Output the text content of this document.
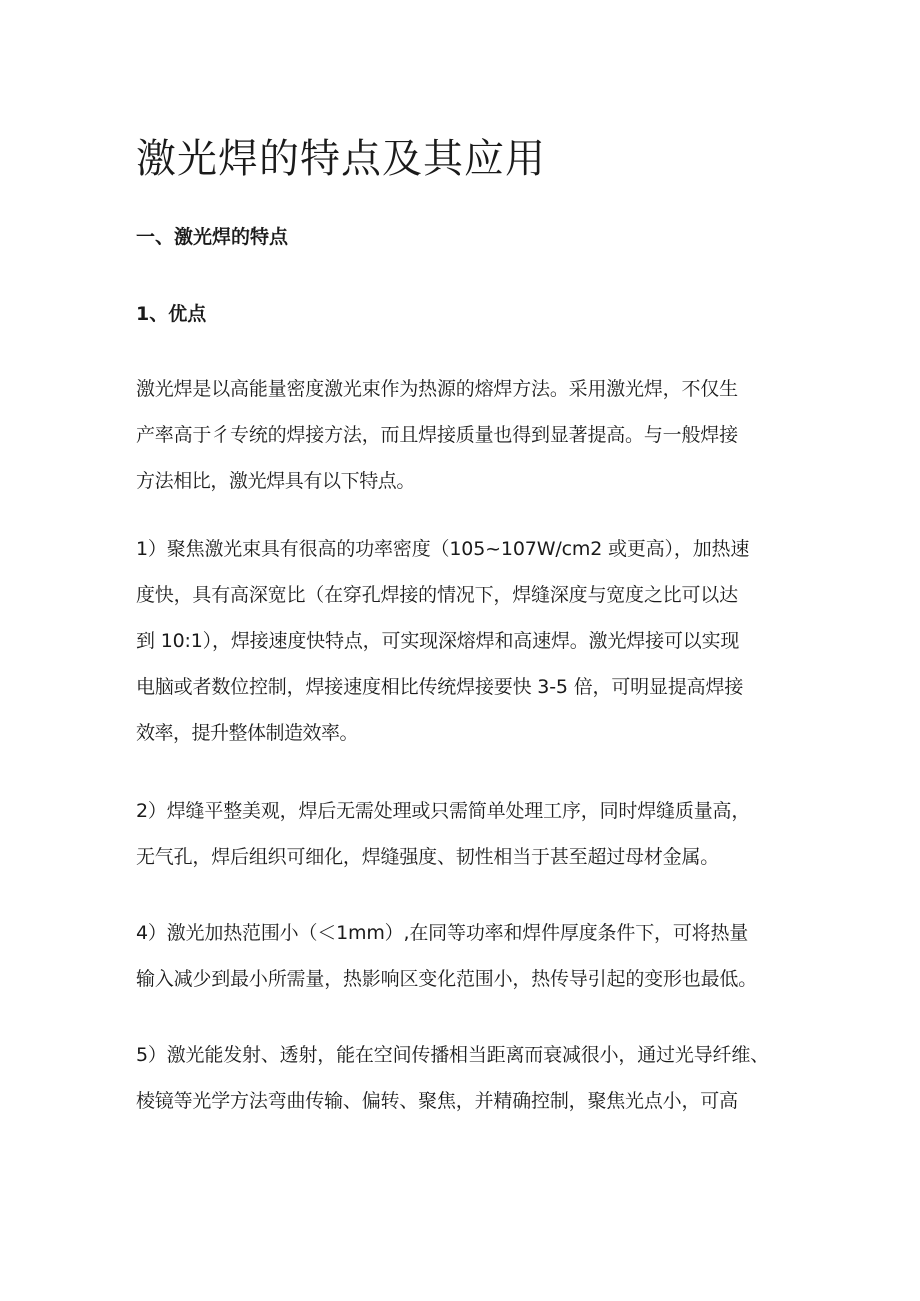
激光焊的特点及其应用
一、激光焊的特点
1、优点
激光焊是以高能量密度激光束作为热源的熔焊方法。采用激光焊，不仅生
产率高于彳专统的焊接方法，而且焊接质量也得到显著提高。与一般焊接
方法相比，激光焊具有以下特点。
1）聚焦激光束具有很高的功率密度（105~107W/cm2 或更高），加热速
度快，具有高深宽比（在穿孔焊接的情况下，焊缝深度与宽度之比可以达
到 10:1），焊接速度快特点，可实现深熔焊和高速焊。激光焊接可以实现
电脑或者数位控制，焊接速度相比传统焊接要快 3-5 倍，可明显提高焊接
效率，提升整体制造效率。
2）焊缝平整美观，焊后无需处理或只需简单处理工序，同时焊缝质量高，
无气孔，焊后组织可细化，焊缝强度、韧性相当于甚至超过母材金属。
4）激光加热范围小（＜1mm）,在同等功率和焊件厚度条件下，可将热量
输入减少到最小所需量，热影响区变化范围小，热传导引起的变形也最低。
5）激光能发射、透射，能在空间传播相当距离而衰减很小，通过光导纤维、
棱镜等光学方法弯曲传输、偏转、聚焦，并精确控制，聚焦光点小，可高
